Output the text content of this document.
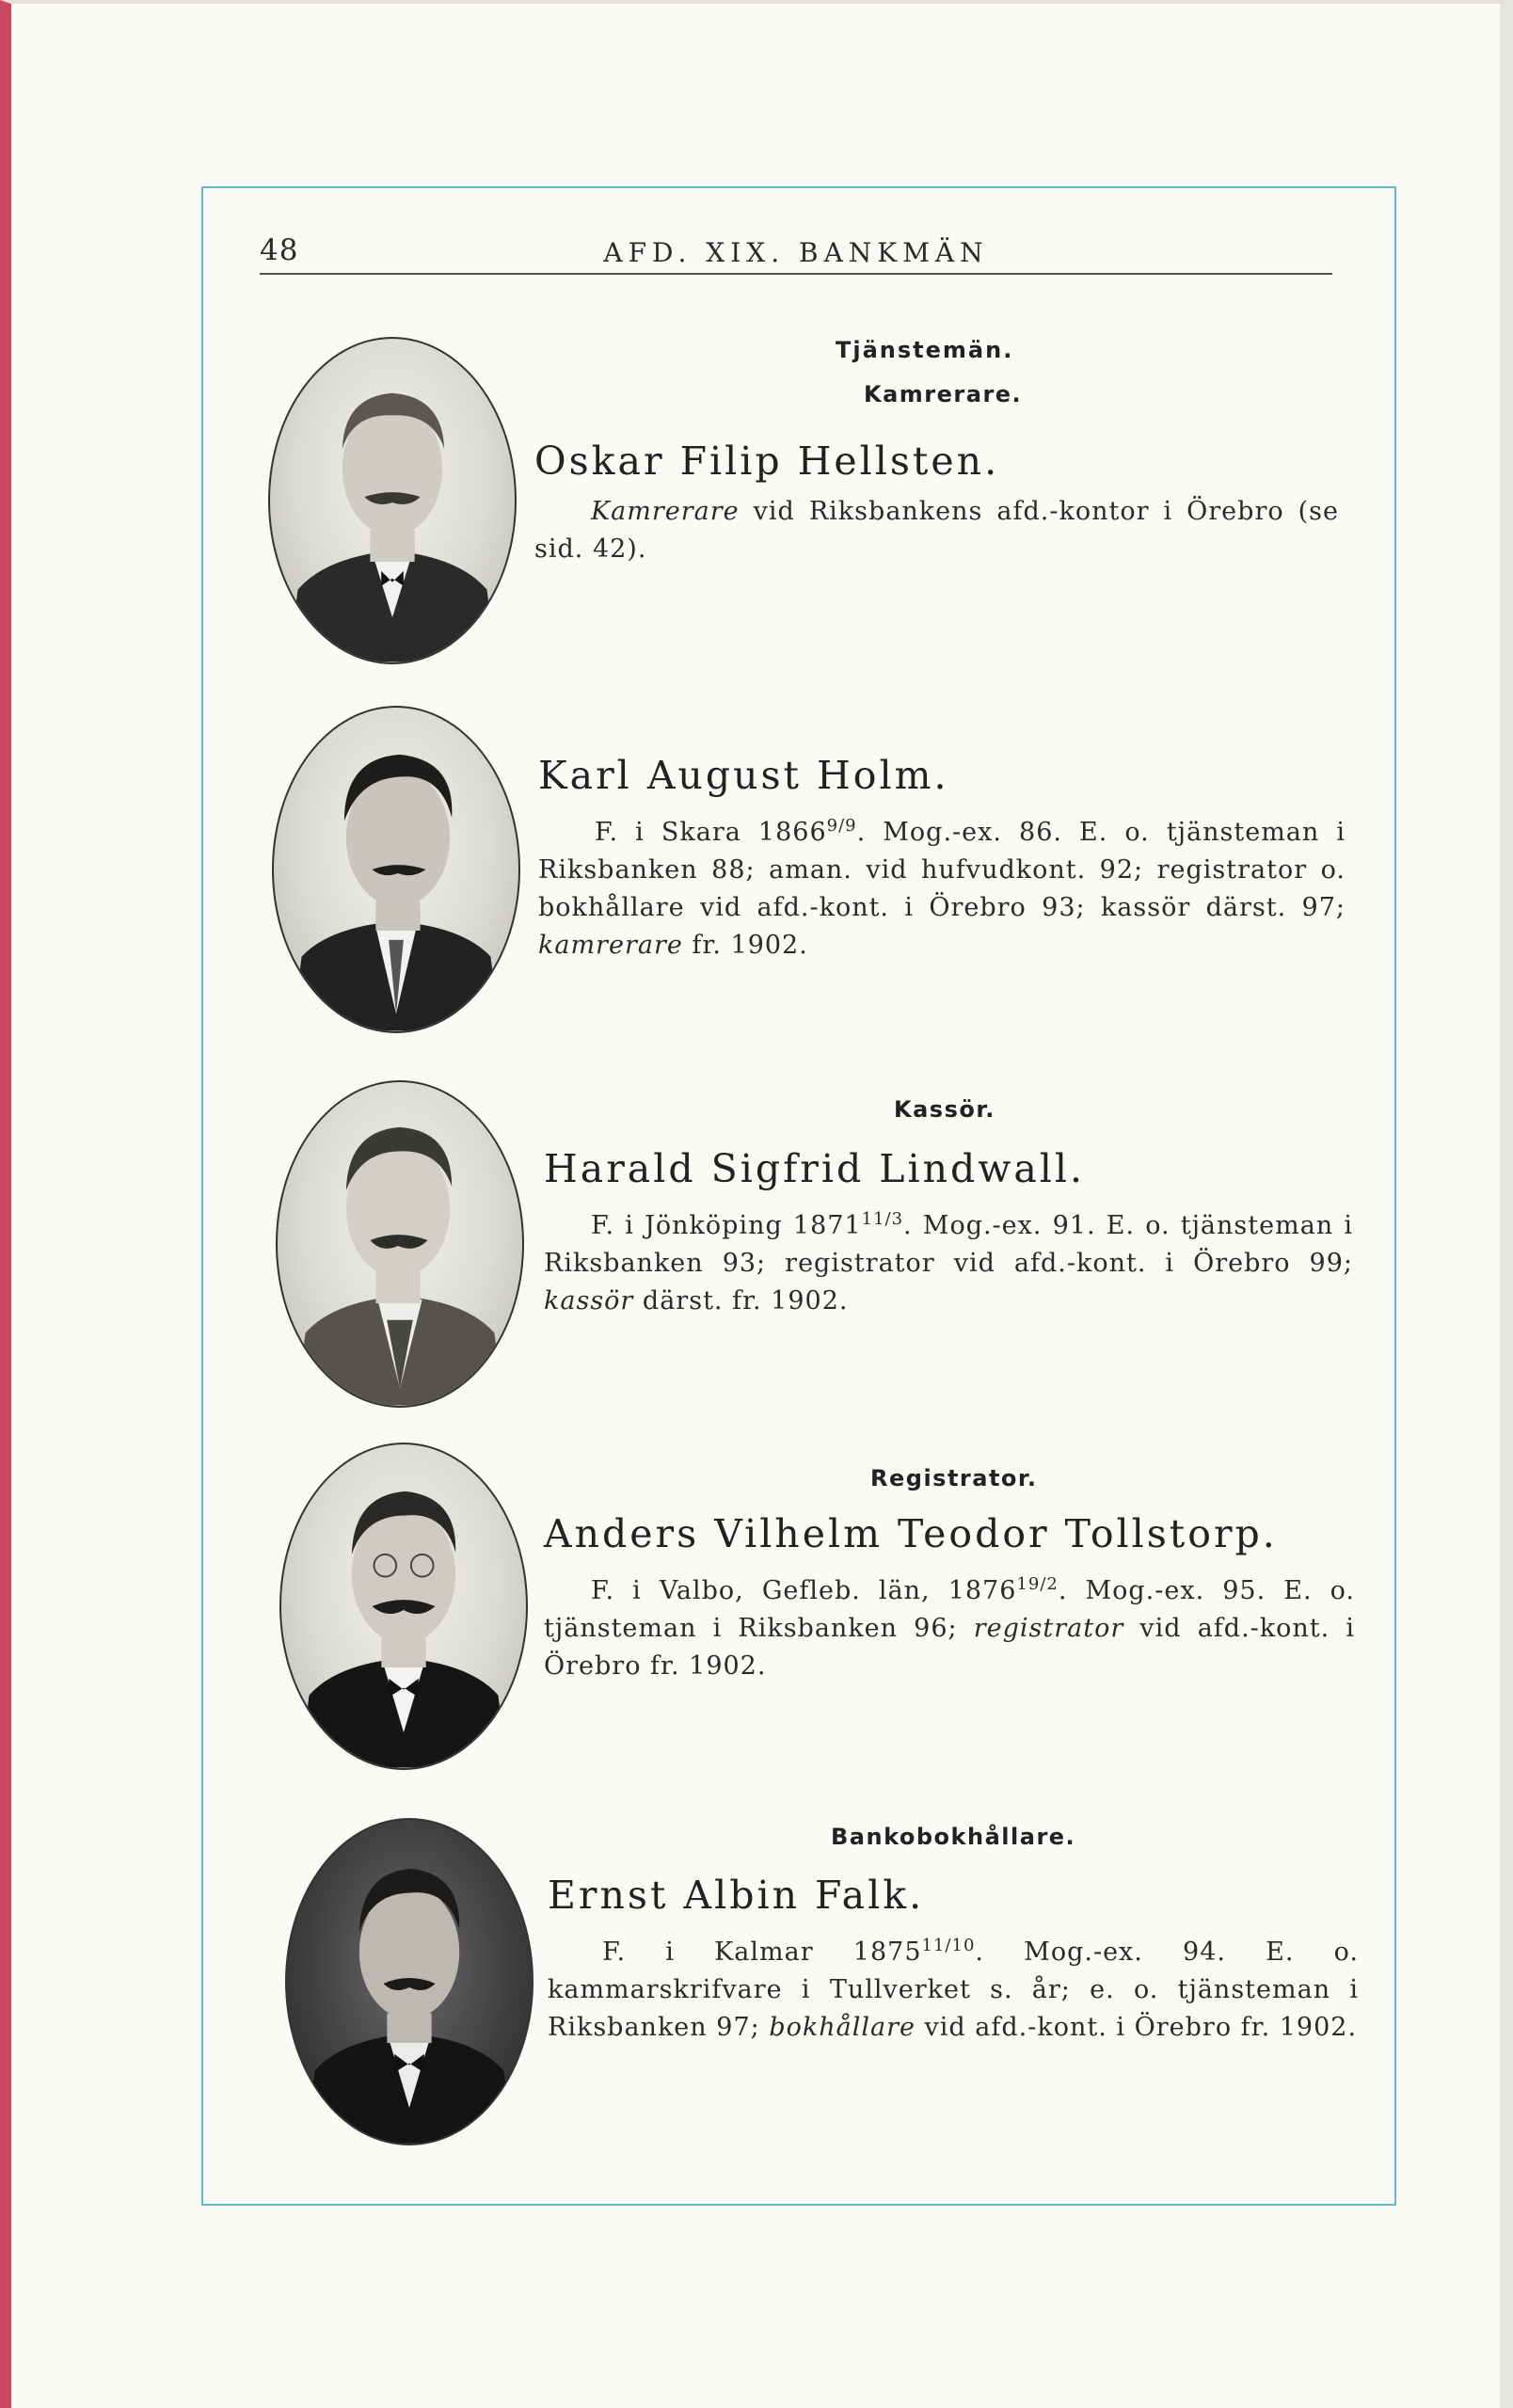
48	AFD. XIX. BANKMÄN
Tjänstemän.
Kamrerare.
Kassör.
Registrator.
Bankobokhållare.
Oskar Filip Hellsten.
Kamrerare vid Riksbankens afd.-kontor i Örebro (se sid. 42).
Karl August Holm.
F. i Skara $1866^{9/9}$. Mog.-ex. 86. E. o. tjänsteman i Riksbanken 88; aman. vid hufvudkont. 92; registrator o. bokhållare vid afd.-kont. i Örebro 93; kassör därst. 97; kamrerare fr. 1902.
Harald Sigfrid Lindwall.
F. i Jönköping $1871^{11/3}$. Mog.-ex. 91. E. o. tjänsteman i Riksbanken 93; registrator vid afd.-kont. i Örebro 99; kassör därst. fr. 1902.
Anders Vilhelm Teodor Tollstorp.
F. i Valbo, Gefleb. län, $1876^{19/2}$. Mog.-ex. 95. E. o. tjänsteman i Riksbanken 96; registrator vid afd.-kont. i Örebro fr. 1902.
Ernst Albin Falk.
F. i Kalmar $1875^{11/10}$. Mog.-ex. 94. E. o. kammarskrifvare i Tullverket s. år; e. o. tjänsteman i Riksbanken 97; bokhållare vid afd.-kont. i Örebro fr. 1902.
